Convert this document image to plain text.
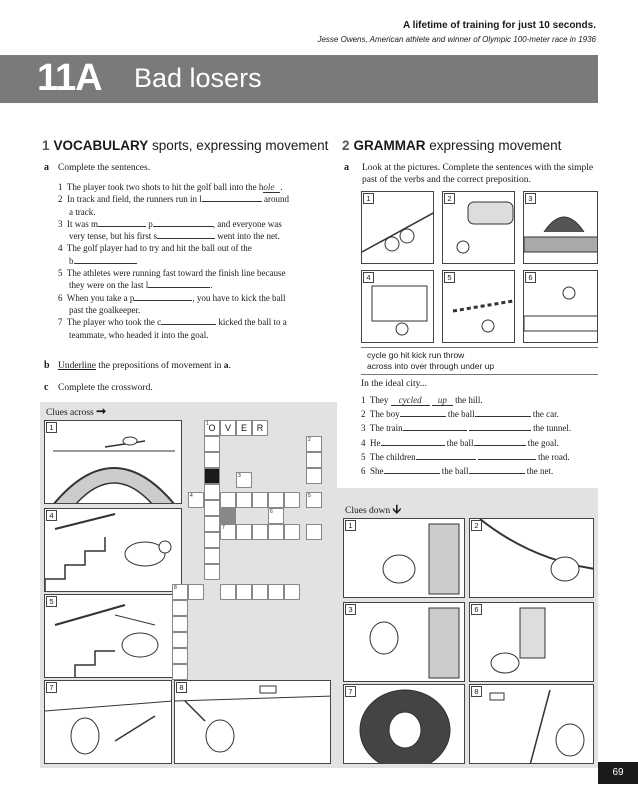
A lifetime of training for just 10 seconds.
Jesse Owens, American athlete and winner of Olympic 100-meter race in 1936
11A Bad losers
1 VOCABULARY sports, expressing movement
a Complete the sentences.
1 The player took two shots to hit the golf ball into the hole .
2 In track and field, the runners run in l	around
a track.
3 It was m	p	, and everyone was
very tense, but his first s	went into the net.
4 The golf player had to try and hit the ball out of the
b	.
5 The athletes were running fast toward the finish line because
they were on the last l	.
6 When you take a p	, you have to kick the ball
past the goalkeeper.
7 The player who took the c	kicked the ball to a
teammate, who headed it into the goal.
b Underline the prepositions of movement in a.
c Complete the crossword.
Clues across ➞
1
4
5
7	8
1 O	V	E	R
2
3
4	5
6
7
8
2 GRAMMAR expressing movement
a Look at the pictures. Complete the sentences with the simple past of the verbs and the correct preposition.
1	2	3
4	5	6
cycle go hit kick run throw
across into over through under up
In the ideal city...
1 They cycled up the hill.
2 The boy	the ball	the car.
3 The train	the tunnel.
4 He	the ball	the goal.
5 The children	the road.
6 She	the ball	the net.
Clues down 🡫
1	2
3	6
7	8
69
